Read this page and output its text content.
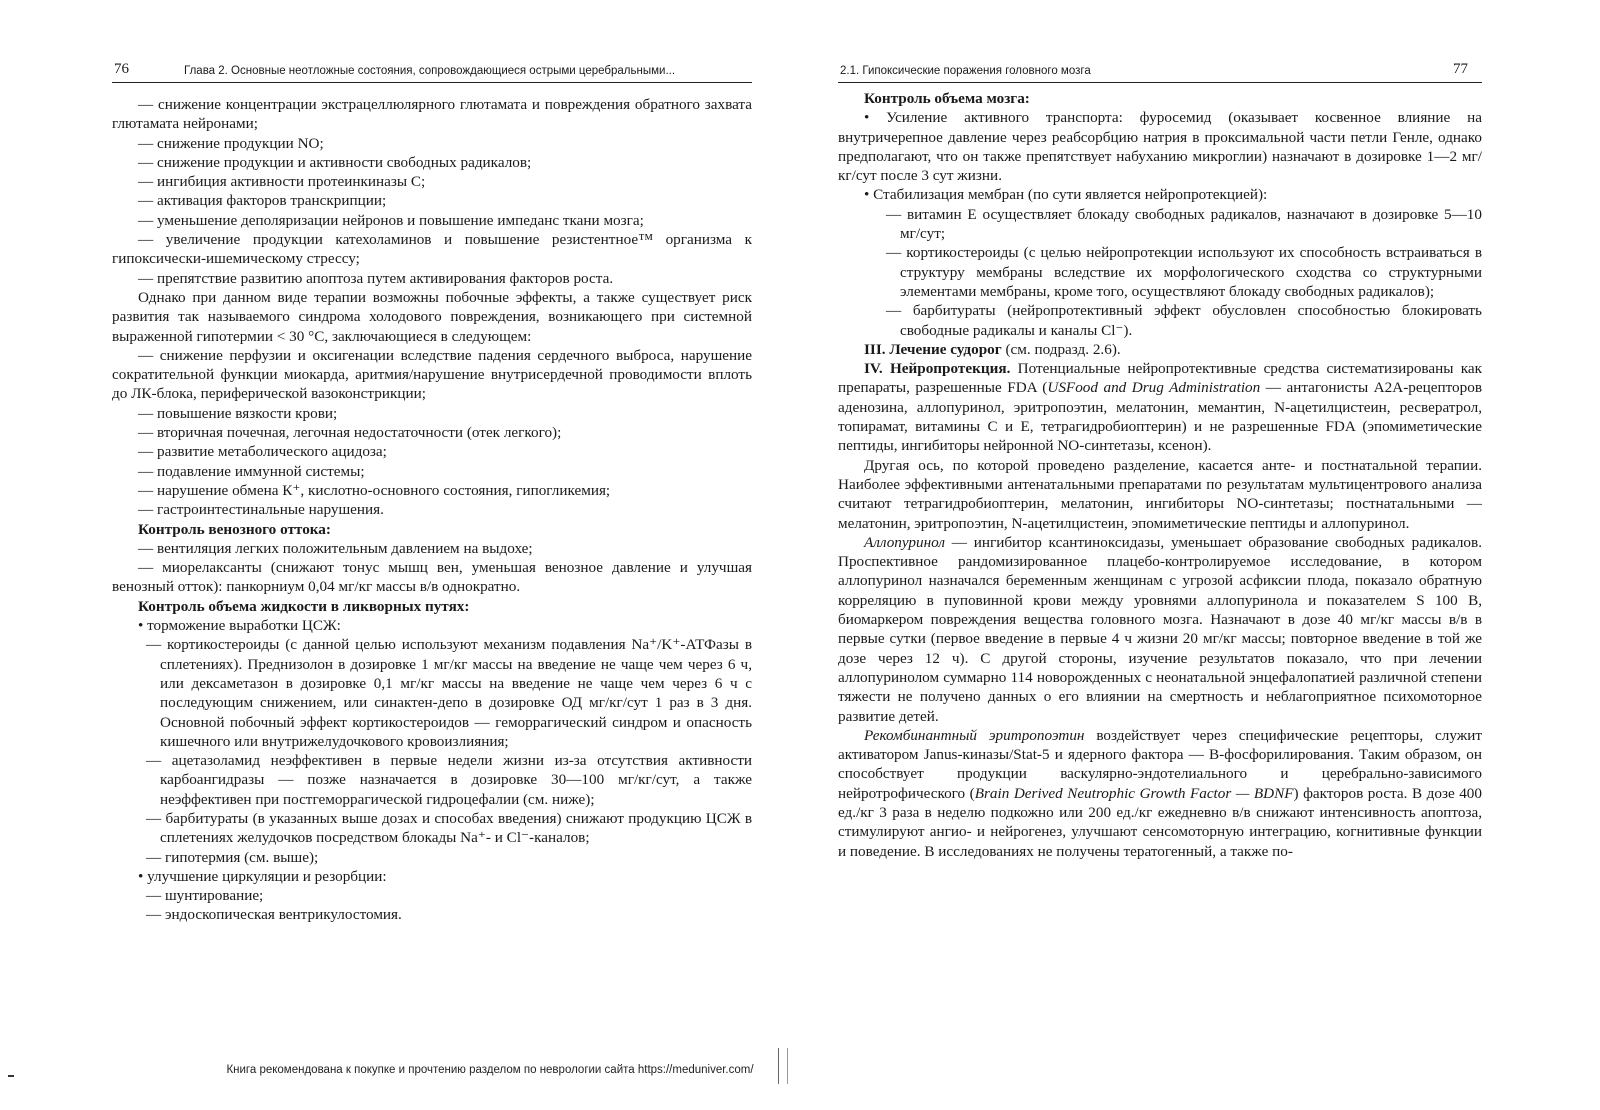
76	Глава 2. Основные неотложные состояния, сопровождающиеся острыми церебральными...

— снижение концентрации экстрацеллюлярного глютамата и повреждения обратного захвата глютамата нейронами;

— снижение продукции NO;

— снижение продукции и активности свободных радикалов;

— ингибиция активности протеинкиназы С;

— активация факторов транскрипции;

— уменьшение деполяризации нейронов и повышение импеданс ткани мозга;

— увеличение продукции катехоламинов и повышение резистентное™ организма к гипоксически-ишемическому стрессу;

— препятствие развитию апоптоза путем активирования факторов роста.

Однако при данном виде терапии возможны побочные эффекты, а также существует риск развития так называемого синдрома холодового повреждения, возникающего при системной выраженной гипотермии < 30 °С, заключающиеся в следующем:

— снижение перфузии и оксигенации вследствие падения сердечного выброса, нарушение сократительной функции миокарда, аритмия/нарушение внутрисердечной проводимости вплоть до ЛК-блока, периферической вазоконстрикции;

— повышение вязкости крови;

— вторичная почечная, легочная недостаточности (отек легкого);

— развитие метаболического ацидоза;

— подавление иммунной системы;

— нарушение обмена К⁺, кислотно-основного состояния, гипогликемия;

— гастроинтестинальные нарушения.

Контроль венозного оттока:

— вентиляция легких положительным давлением на выдохе;

— миорелаксанты (снижают тонус мышц вен, уменьшая венозное давление и улучшая венозный отток): панкорниум 0,04 мг/кг массы в/в однократно.

Контроль объема жидкости в ликворных путях:

• торможение выработки ЦСЖ:

— кортикостероиды (с данной целью используют механизм подавления Na⁺/K⁺-АТФазы в сплетениях). Преднизолон в дозировке 1 мг/кг массы на введение не чаще чем через 6 ч, или дексаметазон в дозировке 0,1 мг/кг массы на введение не чаще чем через 6 ч с последующим снижением, или синактен-депо в дозировке ОД мг/кг/сут 1 раз в 3 дня. Основной побочный эффект кортикостероидов — геморрагический синдром и опасность кишечного или внутрижелудочкового кровоизлияния;

— ацетазоламид неэффективен в первые недели жизни из-за отсутствия активности карбоангидразы — позже назначается в дозировке 30—100 мг/кг/сут, а также неэффективен при постгеморрагической гидроцефалии (см. ниже);

— барбитураты (в указанных выше дозах и способах введения) снижают продукцию ЦСЖ в сплетениях желудочков посредством блокады Na⁺- и Cl⁻-каналов;

— гипотермия (см. выше);

• улучшение циркуляции и резорбции:

— шунтирование;

— эндоскопическая вентрикулостомия.

2.1. Гипоксические поражения головного мозга	77

Контроль объема мозга:

• Усиление активного транспорта: фуросемид (оказывает косвенное влияние на внутричерепное давление через реабсорбцию натрия в проксимальной части петли Генле, однако предполагают, что он также препятствует набуханию микроглии) назначают в дозировке 1—2 мг/кг/сут после 3 сут жизни.

• Стабилизация мембран (по сути является нейропротекцией):

— витамин Е осуществляет блокаду свободных радикалов, назначают в дозировке 5—10 мг/сут;

— кортикостероиды (с целью нейропротекции используют их способность встраиваться в структуру мембраны вследствие их морфологического сходства со структурными элементами мембраны, кроме того, осуществляют блокаду свободных радикалов);

— барбитураты (нейропротективный эффект обусловлен способностью блокировать свободные радикалы и каналы Cl⁻).

III. Лечение судорог (см. подразд. 2.6).

IV. Нейропротекция. Потенциальные нейропротективные средства систематизированы как препараты, разрешенные FDA (USFood and Drug Administration — антагонисты А2А-рецепторов аденозина, аллопуринол, эритропоэтин, мелатонин, мемантин, N-ацетилцистеин, ресвератрол, топирамат, витамины С и Е, тетрагидробиоптерин) и не разрешенные FDA (эпомиметические пептиды, ингибиторы нейронной NO-синтетазы, ксенон).

Другая ось, по которой проведено разделение, касается анте- и постнатальной терапии. Наиболее эффективными антенатальными препаратами по результатам мультицентрового анализа считают тетрагидробиоптерин, мелатонин, ингибиторы NO-синтетазы; постнатальными — мелатонин, эритропоэтин, N-ацетилцистеин, эпомиметические пептиды и аллопуринол.

Аллопуринол — ингибитор ксантиноксидазы, уменьшает образование свободных радикалов. Проспективное рандомизированное плацебо-контролируемое исследование, в котором аллопуринол назначался беременным женщинам с угрозой асфиксии плода, показало обратную корреляцию в пуповинной крови между уровнями аллопуринола и показателем S 100 В, биомаркером повреждения вещества головного мозга. Назначают в дозе 40 мг/кг массы в/в в первые сутки (первое введение в первые 4 ч жизни 20 мг/кг массы; повторное введение в той же дозе через 12 ч). С другой стороны, изучение результатов показало, что при лечении аллопуринолом суммарно 114 новорожденных с неонатальной энцефалопатией различной степени тяжести не получено данных о его влиянии на смертность и неблагоприятное психомоторное развитие детей.

Рекомбинантный эритропоэтин воздействует через специфические рецепторы, служит активатором Janus-киназы/Stat-5 и ядерного фактора — В-фосфорилирования. Таким образом, он способствует продукции васкулярно-эндотелиального и церебрально-зависимого нейротрофического (Brain Derived Neutrophic Growth Factor — BDNF) факторов роста. В дозе 400 ед./кг 3 раза в неделю подкожно или 200 ед./кг ежедневно в/в снижают интенсивность апоптоза, стимулируют ангио- и нейрогенез, улучшают сенсомоторную интеграцию, когнитивные функции и поведение. В исследованиях не получены тератогенный, а также по-

Книга рекомендована к покупке и прочтению разделом по неврологии сайта https://meduniver.com/
